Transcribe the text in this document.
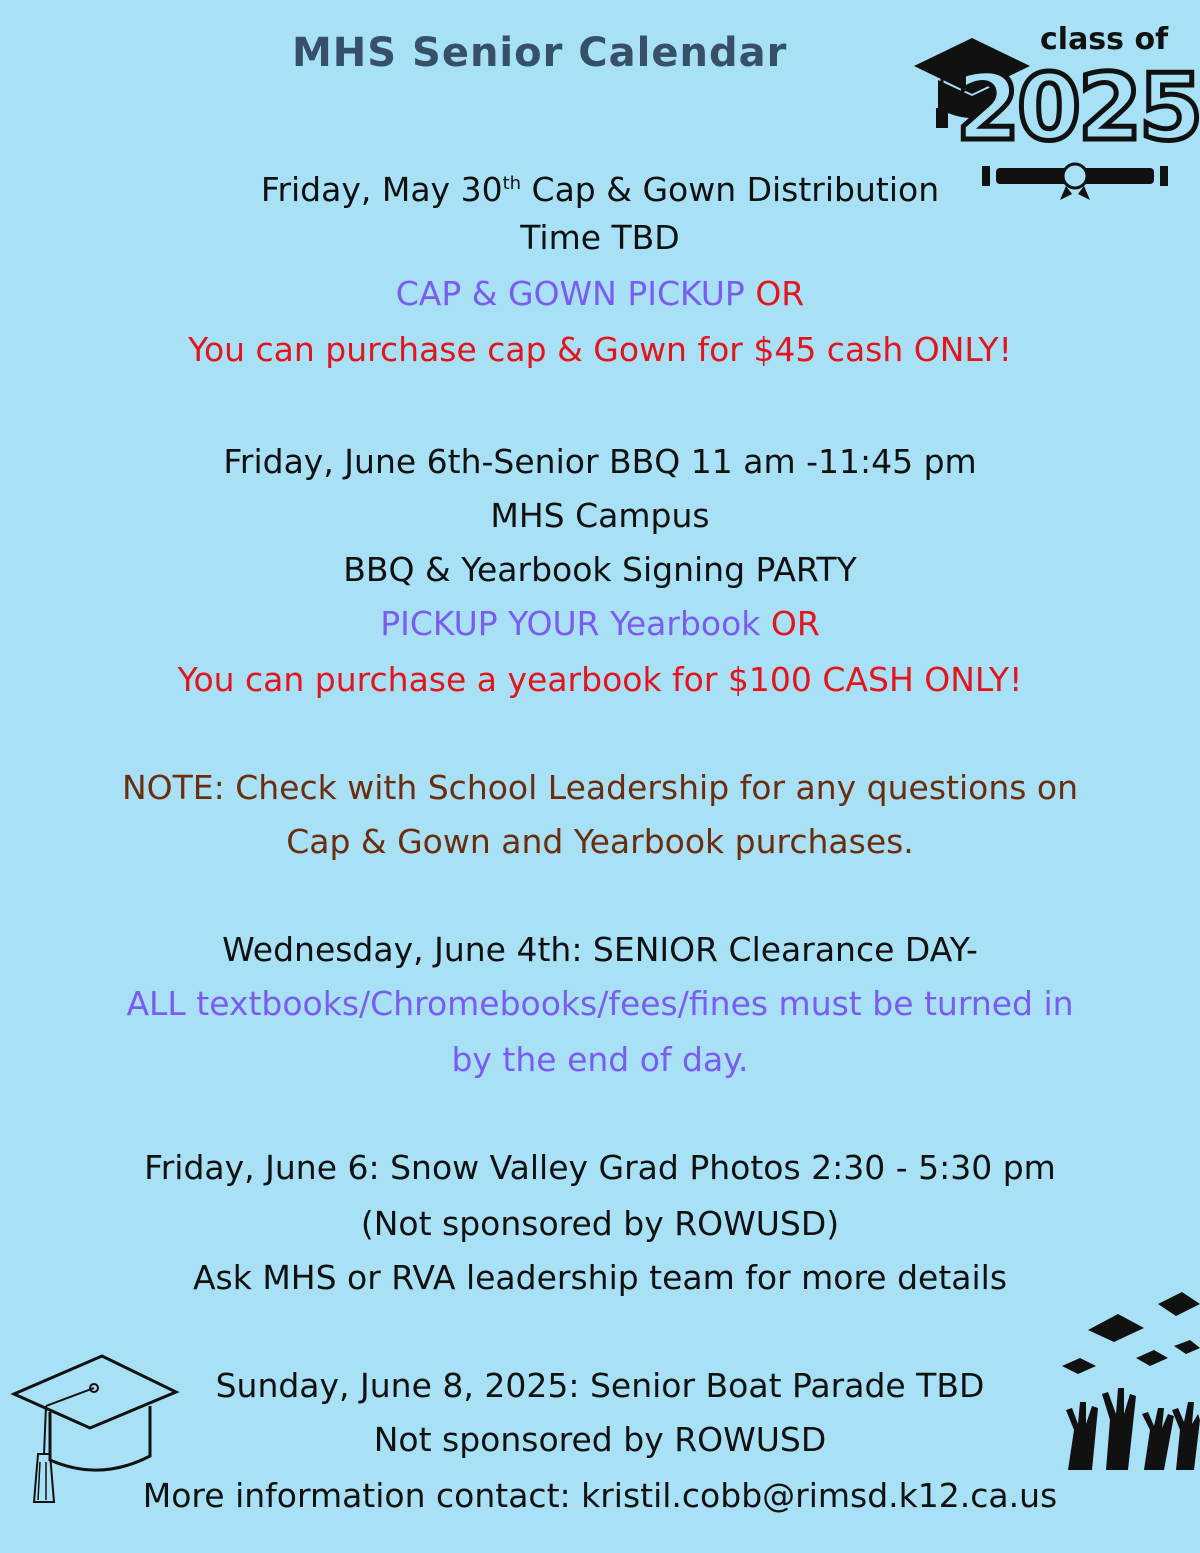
MHS Senior Calendar	class of
2025
Friday, May 30th Cap & Gown Distribution
Time TBD
CAP & GOWN PICKUP OR
You can purchase cap & Gown for $45 cash ONLY!
Friday, June 6th-Senior BBQ 11 am -11:45 pm
MHS Campus
BBQ & Yearbook Signing PARTY
PICKUP YOUR Yearbook OR
You can purchase a yearbook for $100 CASH ONLY!
NOTE: Check with School Leadership for any questions on
Cap & Gown and Yearbook purchases.
Wednesday, June 4th: SENIOR Clearance DAY-
ALL textbooks/Chromebooks/fees/fines must be turned in
by the end of day.
Friday, June 6: Snow Valley Grad Photos 2:30 - 5:30 pm
(Not sponsored by ROWUSD)
Ask MHS or RVA leadership team for more details
Sunday, June 8, 2025: Senior Boat Parade TBD
Not sponsored by ROWUSD
More information contact: kristil.cobb@rimsd.k12.ca.us
